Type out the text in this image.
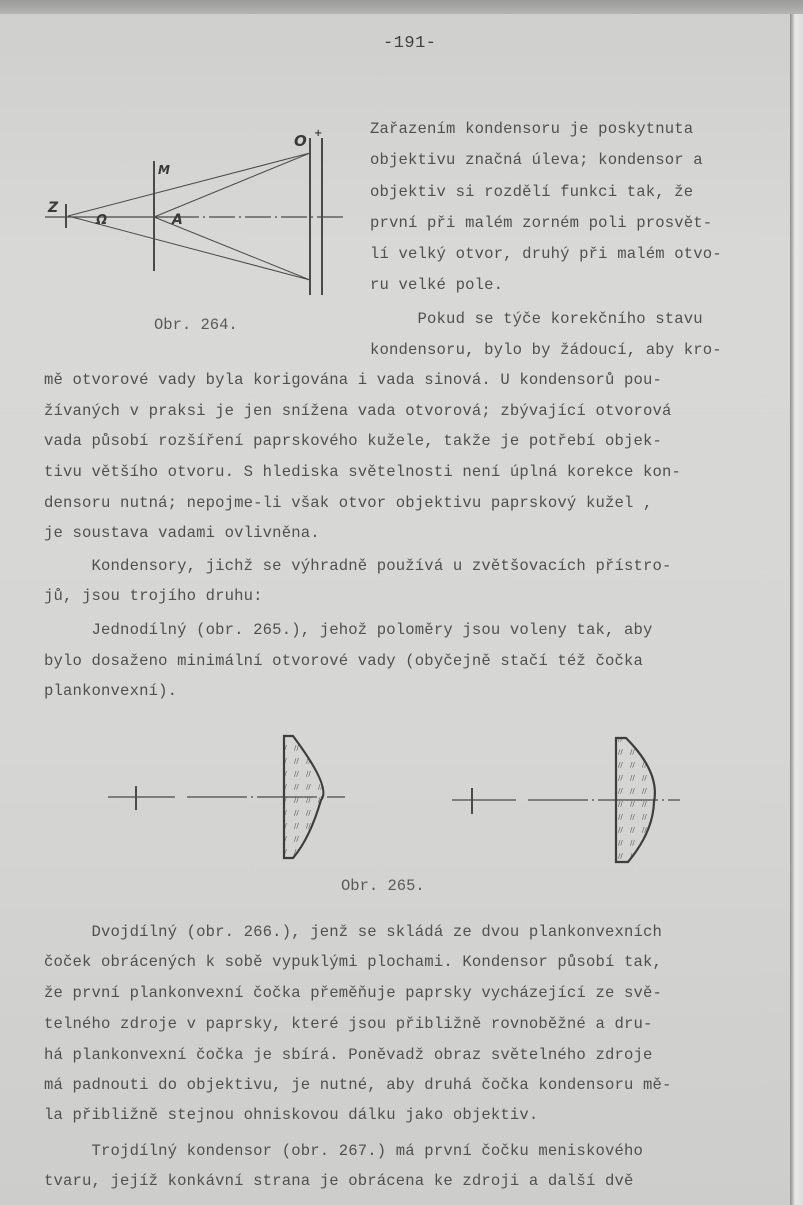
-191-
Z
Ω	A
M
O +
Obr. 264.
Zařazením kondensoru je poskytnuta
objektivu značná úleva; kondensor a
objektiv si rozdělí funkci tak, že
první při malém zorném poli prosvět-
lí velký otvor, druhý při malém otvo-
ru velké pole.
Pokud se týče korekčního stavu
kondensoru, bylo by žádoucí, aby kro-
mě otvorové vady byla korigována i vada sinová. U kondensorů pou-
žívaných v praksi je jen snížena vada otvorová; zbývající otvorová
vada působí rozšíření paprskového kužele, takže je potřebí objek-
tivu většího otvoru. S hlediska světelnosti není úplná korekce kon-
densoru nutná; nepojme-li však otvor objektivu paprskový kužel ,
je soustava vadami ovlivněna.
Kondensory, jichž se výhradně používá u zvětšovacích přístro-
jů, jsou trojího druhu:
Jednodílný (obr. 265.), jehož poloměry jsou voleny tak, aby
bylo dosaženo minimální otvorové vady (obyčejně stačí též čočka
plankonvexní).
Obr. 265.
Dvojdílný (obr. 266.), jenž se skládá ze dvou plankonvexních
čoček obrácených k sobě vypuklými plochami. Kondensor působí tak,
že první plankonvexní čočka přeměňuje paprsky vycházející ze svě-
telného zdroje v paprsky, které jsou přibližně rovnoběžné a dru-
há plankonvexní čočka je sbírá. Poněvadž obraz světelného zdroje
má padnouti do objektivu, je nutné, aby druhá čočka kondensoru mě-
la přibližně stejnou ohniskovou dálku jako objektiv.
Trojdílný kondensor (obr. 267.) má první čočku meniskového
tvaru, jejíž konkávní strana je obrácena ke zdroji a další dvě
